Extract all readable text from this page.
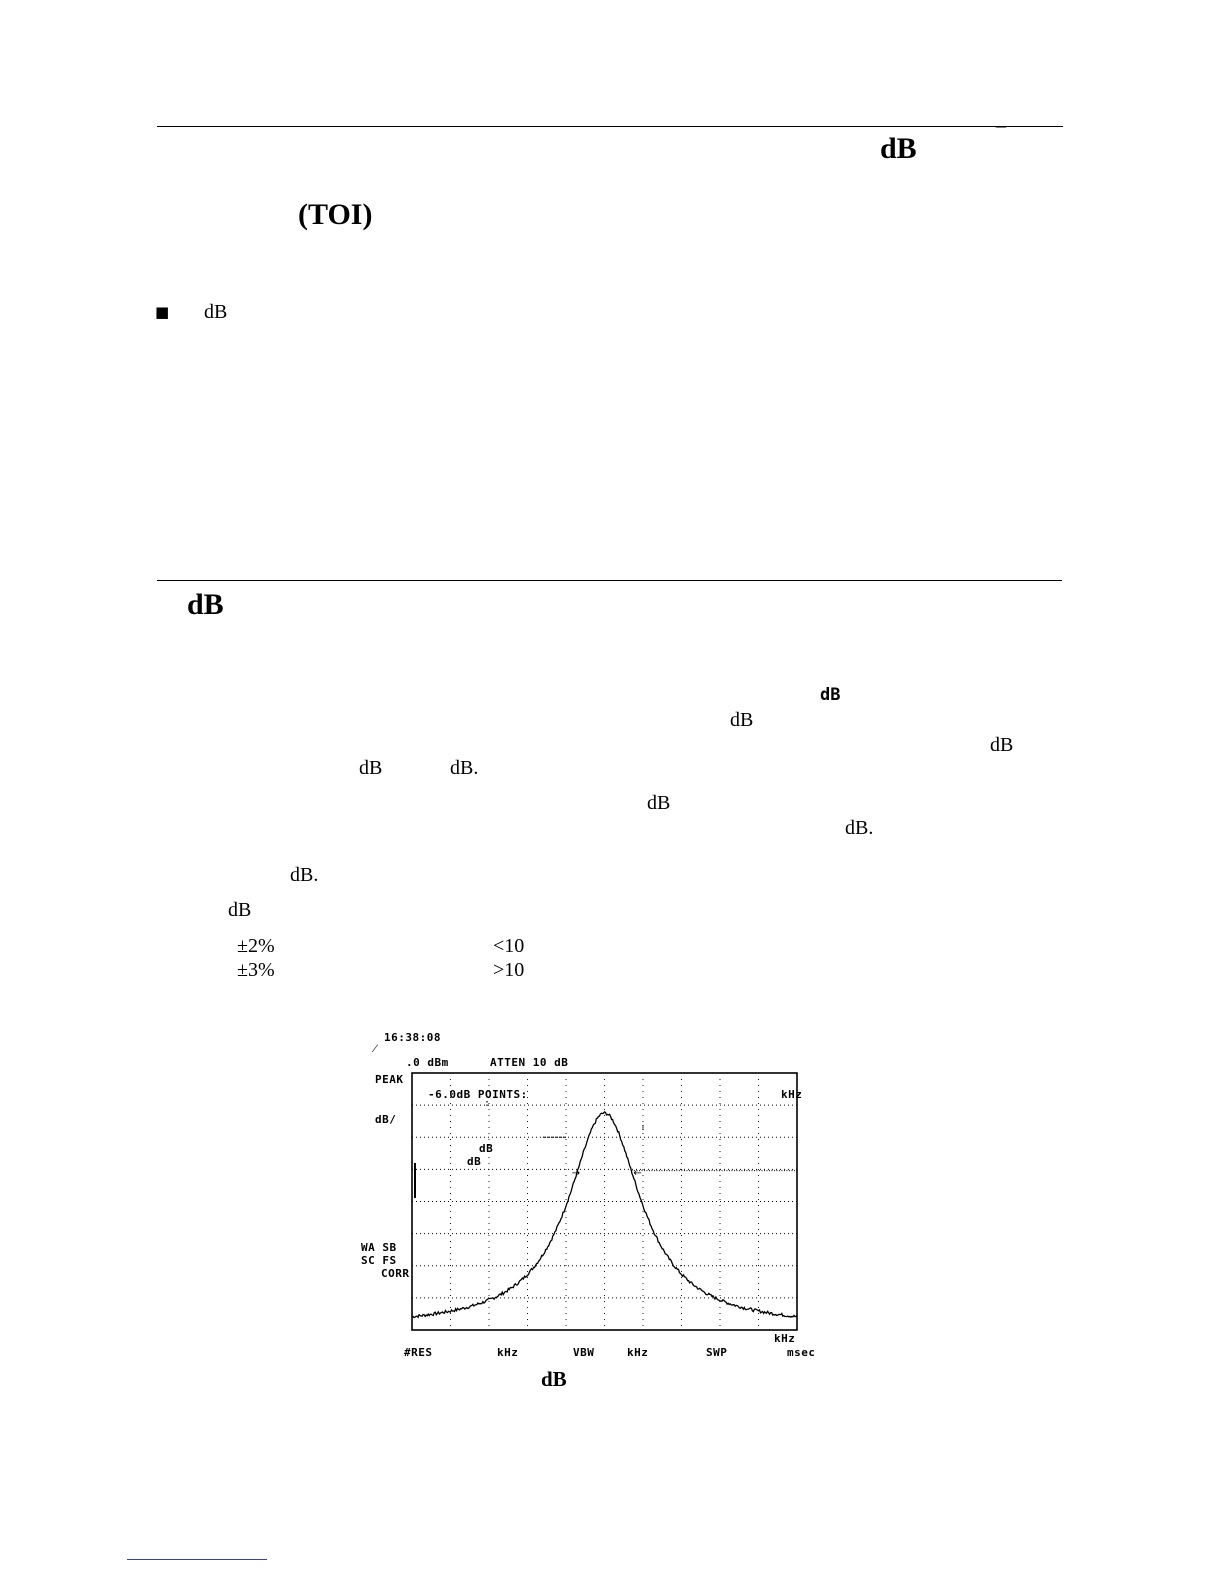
_
dB
(TOI)
■ dB
dB
dB
dB
dB
dB	dB.
dB
dB.
dB.
dB
±2%	<10
±3%	>10
16:38:08
⁄
.0 dBm	ATTEN 10 dB
PEAK
dB/
-6.0dB POINTS:	kHz
dB
dB
WA SB
SC FS
CORR
kHz
#RES	kHz	VBW	kHz	SWP	msec
→	←
:
:
dB
